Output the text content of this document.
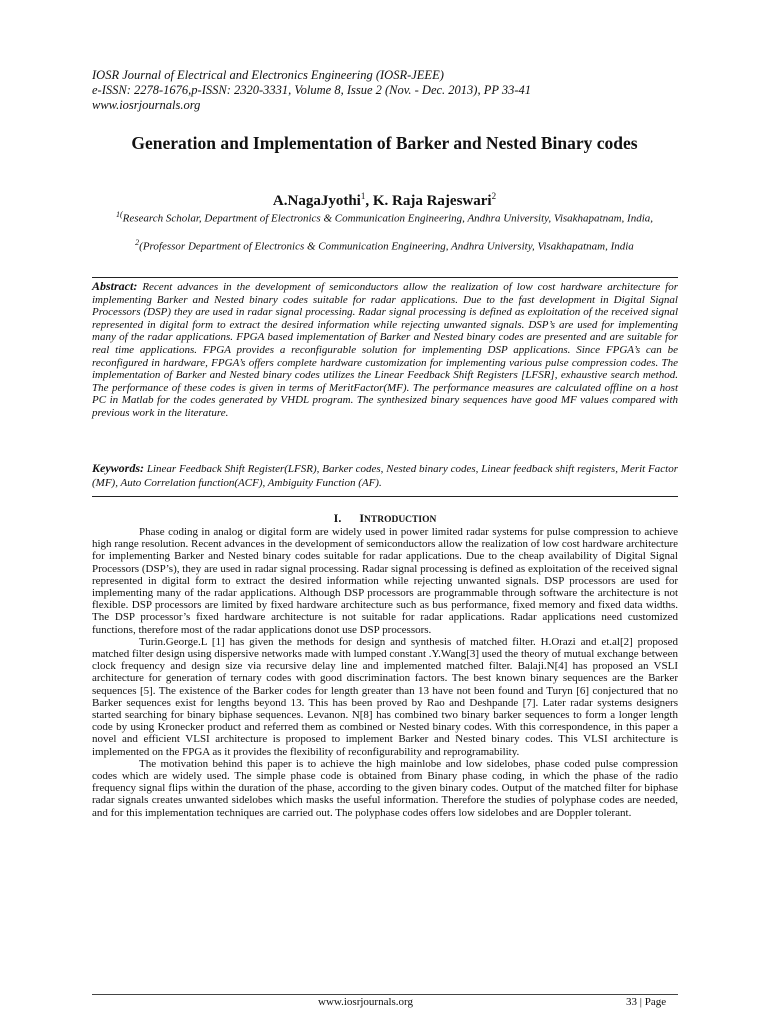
IOSR Journal of Electrical and Electronics Engineering (IOSR-JEEE)
e-ISSN: 2278-1676,p-ISSN: 2320-3331, Volume 8, Issue 2 (Nov. - Dec. 2013), PP 33-41
www.iosrjournals.org
Generation and Implementation of Barker and Nested Binary codes
A.NagaJyothi$^1$, K. Raja Rajeswari$^2$
$^{1(}$Research Scholar, Department of Electronics & Communication Engineering, Andhra University, Visakhapatnam, India,
$^2$(Professor Department of Electronics & Communication Engineering, Andhra University, Visakhapatnam, India
Abstract: Recent advances in the development of semiconductors allow the realization of low cost hardware architecture for implementing Barker and Nested binary codes suitable for radar applications. Due to the fast development in Digital Signal Processors (DSP) they are used in radar signal processing. Radar signal processing is defined as exploitation of the received signal represented in digital form to extract the desired information while rejecting unwanted signals. DSP’s are used for implementing many of the radar applications. FPGA based implementation of Barker and Nested binary codes are presented and are suitable for real time applications. FPGA provides a reconfigurable solution for implementing DSP applications. Since FPGA’s can be reconfigured in hardware, FPGA’s offers complete hardware customization for implementing various pulse compression codes. The implementation of Barker and Nested binary codes utilizes the Linear Feedback Shift Registers [LFSR], exhaustive search method. The performance of these codes is given in terms of MeritFactor(MF). The performance measures are calculated offline on a host PC in Matlab for the codes generated by VHDL program. The synthesized binary sequences have good MF values compared with previous work in the literature.
Keywords: Linear Feedback Shift Register(LFSR), Barker codes, Nested binary codes, Linear feedback shift registers, Merit Factor (MF), Auto Correlation function(ACF), Ambiguity Function (AF).
I. INTRODUCTION

Phase coding in analog or digital form are widely used in power limited radar systems for pulse compression to achieve high range resolution. Recent advances in the development of semiconductors allow the realization of low cost hardware architecture for implementing Barker and Nested binary codes suitable for radar applications. Due to the cheap availability of Digital Signal Processors (DSP’s), they are used in radar signal processing. Radar signal processing is defined as exploitation of the received signal represented in digital form to extract the desired information while rejecting unwanted signals. DSP processors are used for implementing many of the radar applications. Although DSP processors are programmable through software the architecture is not flexible. DSP processors are limited by fixed hardware architecture such as bus performance, fixed memory and fixed data widths. The DSP processor’s fixed hardware architecture is not suitable for radar applications. Radar applications need customized functions, therefore most of the radar applications donot use DSP processors.

Turin.George.L [1] has given the methods for design and synthesis of matched filter. H.Orazi and et.al[2] proposed matched filter design using dispersive networks made with lumped constant .Y.Wang[3] used the theory of mutual exchange between clock frequency and design size via recursive delay line and implemented matched filter. Balaji.N[4] has proposed an VSLI architecture for generation of ternary codes with good discrimination factors. The best known binary sequences are the Barker sequences [5]. The existence of the Barker codes for length greater than 13 have not been found and Turyn [6] conjectured that no Barker sequences exist for lengths beyond 13. This has been proved by Rao and Deshpande [7]. Later radar systems designers started searching for binary biphase sequences. Levanon. N[8] has combined two binary barker sequences to form a longer length code by using Kronecker product and referred them as combined or Nested binary codes. With this correspondence, in this paper a novel and efficient VLSI architecture is proposed to implement Barker and Nested binary codes. This VLSI architecture is implemented on the FPGA as it provides the flexibility of reconfigurability and reprogramability.

The motivation behind this paper is to achieve the high mainlobe and low sidelobes, phase coded pulse compression codes which are widely used. The simple phase code is obtained from Binary phase coding, in which the phase of the radio frequency signal flips within the duration of the phase, according to the given binary codes. Output of the matched filter for biphase radar signals creates unwanted sidelobes which masks the useful information. Therefore the studies of polyphase codes are needed, and for this implementation techniques are carried out. The polyphase codes offers low sidelobes and are Doppler tolerant.

www.iosrjournals.org	33 | Page
